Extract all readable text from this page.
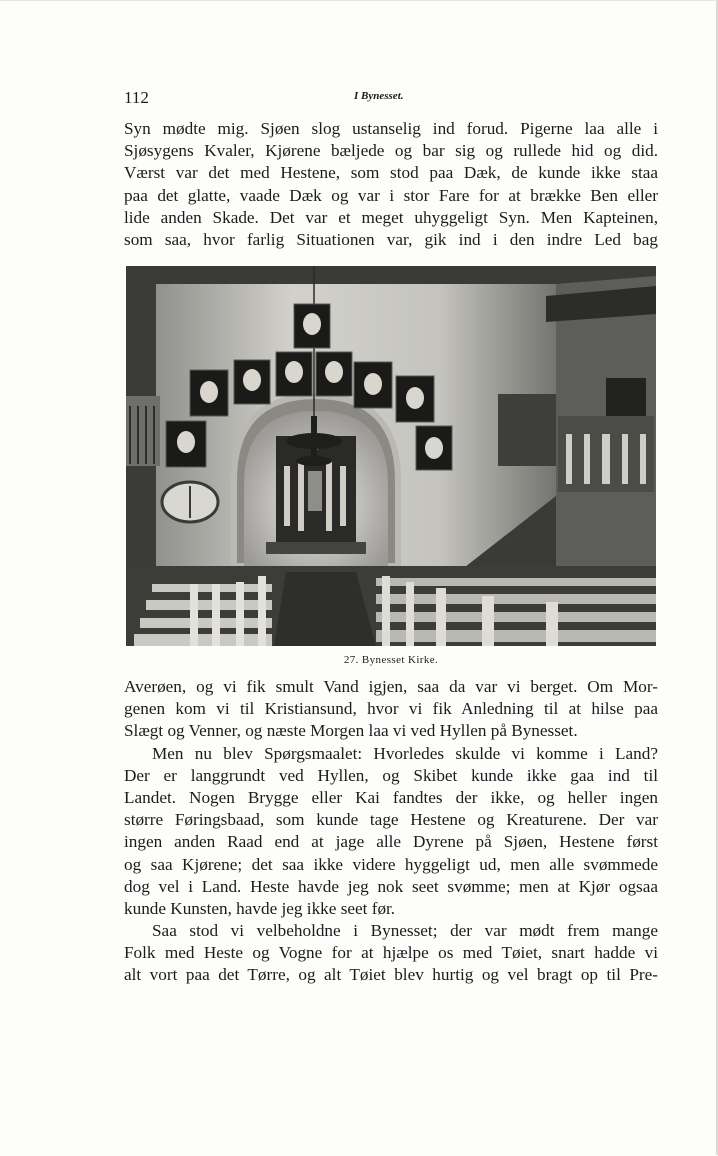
112	I Bynesset.
Syn mødte mig. Sjøen slog ustanselig ind forud. Pigerne laa alle i
Sjøsygens Kvaler, Kjørene bæljede og bar sig og rullede hid og did.
Værst var det med Hestene, som stod paa Dæk, de kunde ikke staa
paa det glatte, vaade Dæk og var i stor Fare for at brække Ben eller
lide anden Skade. Det var et meget uhyggeligt Syn. Men Kapteinen,
som saa, hvor farlig Situationen var, gik ind i den indre Led bag
27. Bynesset Kirke.
Averøen, og vi fik smult Vand igjen, saa da var vi berget. Om Mor-
genen kom vi til Kristiansund, hvor vi fik Anledning til at hilse paa
Slægt og Venner, og næste Morgen laa vi ved Hyllen på Bynesset.
Men nu blev Spørgsmaalet: Hvorledes skulde vi komme i Land?
Der er langgrundt ved Hyllen, og Skibet kunde ikke gaa ind til
Landet. Nogen Brygge eller Kai fandtes der ikke, og heller ingen
større Føringsbaad, som kunde tage Hestene og Kreaturene. Der var
ingen anden Raad end at jage alle Dyrene på Sjøen, Hestene først
og saa Kjørene; det saa ikke videre hyggeligt ud, men alle svømmede
dog vel i Land. Heste havde jeg nok seet svømme; men at Kjør ogsaa
kunde Kunsten, havde jeg ikke seet før.
Saa stod vi velbeholdne i Bynesset; der var mødt frem mange
Folk med Heste og Vogne for at hjælpe os med Tøiet, snart hadde vi
alt vort paa det Tørre, og alt Tøiet blev hurtig og vel bragt op til Pre-
